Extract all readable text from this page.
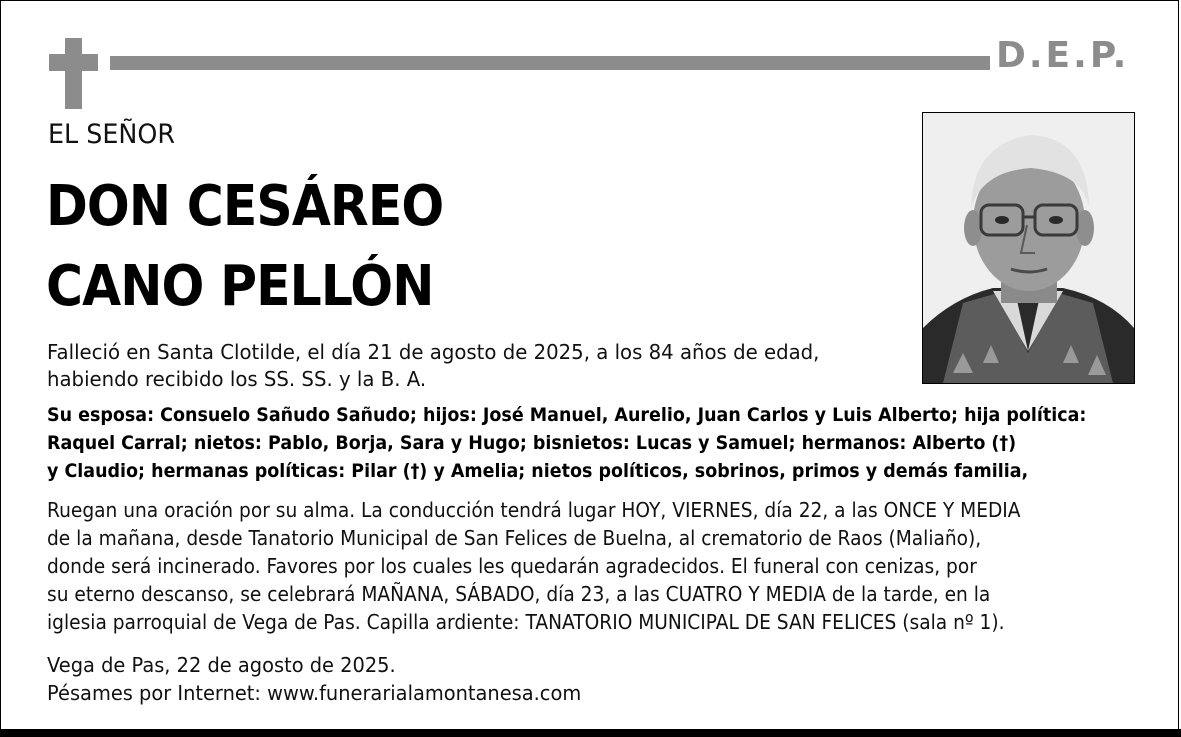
D.E.P.
EL SEÑOR
DON CESÁREO
CANO PELLÓN
Falleció en Santa Clotilde, el día 21 de agosto de 2025, a los 84 años de edad,
habiendo recibido los SS. SS. y la B. A.
Su esposa: Consuelo Sañudo Sañudo; hijos: José Manuel, Aurelio, Juan Carlos y Luis Alberto; hija política:
Raquel Carral; nietos: Pablo, Borja, Sara y Hugo; bisnietos: Lucas y Samuel; hermanos: Alberto (†)
y Claudio; hermanas políticas: Pilar (†) y Amelia; nietos políticos, sobrinos, primos y demás familia,
Ruegan una oración por su alma. La conducción tendrá lugar HOY, VIERNES, día 22, a las ONCE Y MEDIA
de la mañana, desde Tanatorio Municipal de San Felices de Buelna, al crematorio de Raos (Maliaño),
donde será incinerado. Favores por los cuales les quedarán agradecidos. El funeral con cenizas, por
su eterno descanso, se celebrará MAÑANA, SÁBADO, día 23, a las CUATRO Y MEDIA de la tarde, en la
iglesia parroquial de Vega de Pas. Capilla ardiente: TANATORIO MUNICIPAL DE SAN FELICES (sala nº 1).
Vega de Pas, 22 de agosto de 2025.
Pésames por Internet: www.funerarialamontanesa.com
